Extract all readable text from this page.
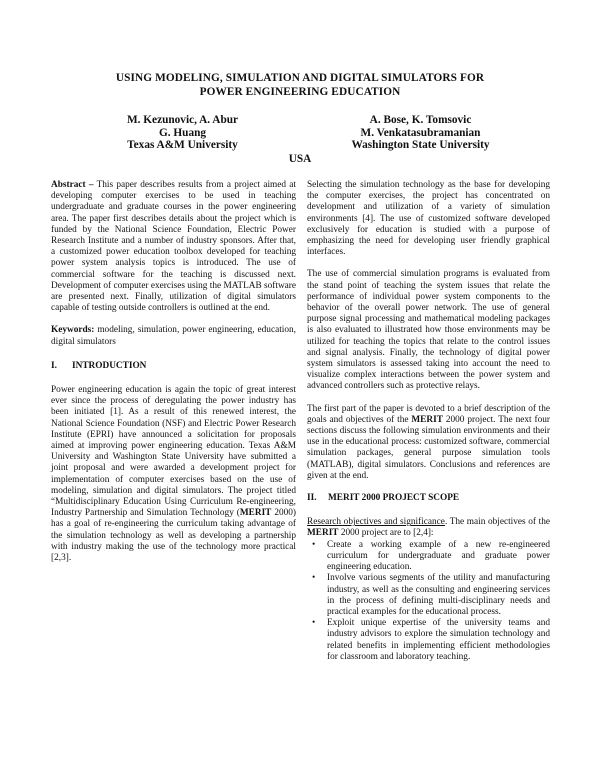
USING MODELING, SIMULATION AND DIGITAL SIMULATORS FOR
POWER ENGINEERING EDUCATION
M. Kezunovic, A. Abur
G. Huang
Texas A&M University
A. Bose, K. Tomsovic
M. Venkatasubramanian
Washington State University
USA

Abstract – This paper describes results from a project aimed at developing computer exercises to be used in teaching undergraduate and graduate courses in the power engineering area. The paper first describes details about the project which is funded by the National Science Foundation, Electric Power Research Institute and a number of industry sponsors. After that, a customized power education toolbox developed for teaching power system analysis topics is introduced. The use of commercial software for the teaching is discussed next. Development of computer exercises using the MATLAB software are presented next. Finally, utilization of digital simulators capable of testing outside controllers is outlined at the end.

Keywords: modeling, simulation, power engineering, education, digital simulators

I. INTRODUCTION

Power engineering education is again the topic of great interest ever since the process of deregulating the power industry has been initiated [1]. As a result of this renewed interest, the National Science Foundation (NSF) and Electric Power Research Institute (EPRI) have announced a solicitation for proposals aimed at improving power engineering education. Texas A&M University and Washington State University have submitted a joint proposal and were awarded a development project for implementation of computer exercises based on the use of modeling, simulation and digital simulators. The project titled “Multidisciplinary Education Using Curriculum Re-engineering, Industry Partnership and Simulation Technology (MERIT 2000) has a goal of re-engineering the curriculum taking advantage of the simulation technology as well as developing a partnership with industry making the use of the technology more practical [2,3].

Selecting the simulation technology as the base for developing the computer exercises, the project has concentrated on development and utilization of a variety of simulation environments [4]. The use of customized software developed exclusively for education is studied with a purpose of emphasizing the need for developing user friendly graphical interfaces.

The use of commercial simulation programs is evaluated from the stand point of teaching the system issues that relate the performance of individual power system components to the behavior of the overall power network. The use of general purpose signal processing and mathematical modeling packages is also evaluated to illustrated how those environments may be utilized for teaching the topics that relate to the control issues and signal analysis. Finally, the technology of digital power system simulators is assessed taking into account the need to visualize complex interactions between the power system and advanced controllers such as protective relays.

The first part of the paper is devoted to a brief description of the goals and objectives of the MERIT 2000 project. The next four sections discuss the following simulation environments and their use in the educational process: customized software, commercial simulation packages, general purpose simulation tools (MATLAB), digital simulators. Conclusions and references are given at the end.

II. MERIT 2000 PROJECT SCOPE

Research objectives and significance. The main objectives of the MERIT 2000 project are to [2,4]:

• Create a working example of a new re-engineered curriculum for undergraduate and graduate power engineering education.
• Involve various segments of the utility and manufacturing industry, as well as the consulting and engineering services in the process of defining multi-disciplinary needs and practical examples for the educational process.
• Exploit unique expertise of the university teams and industry advisors to explore the simulation technology and related benefits in implementing efficient methodologies for classroom and laboratory teaching.
